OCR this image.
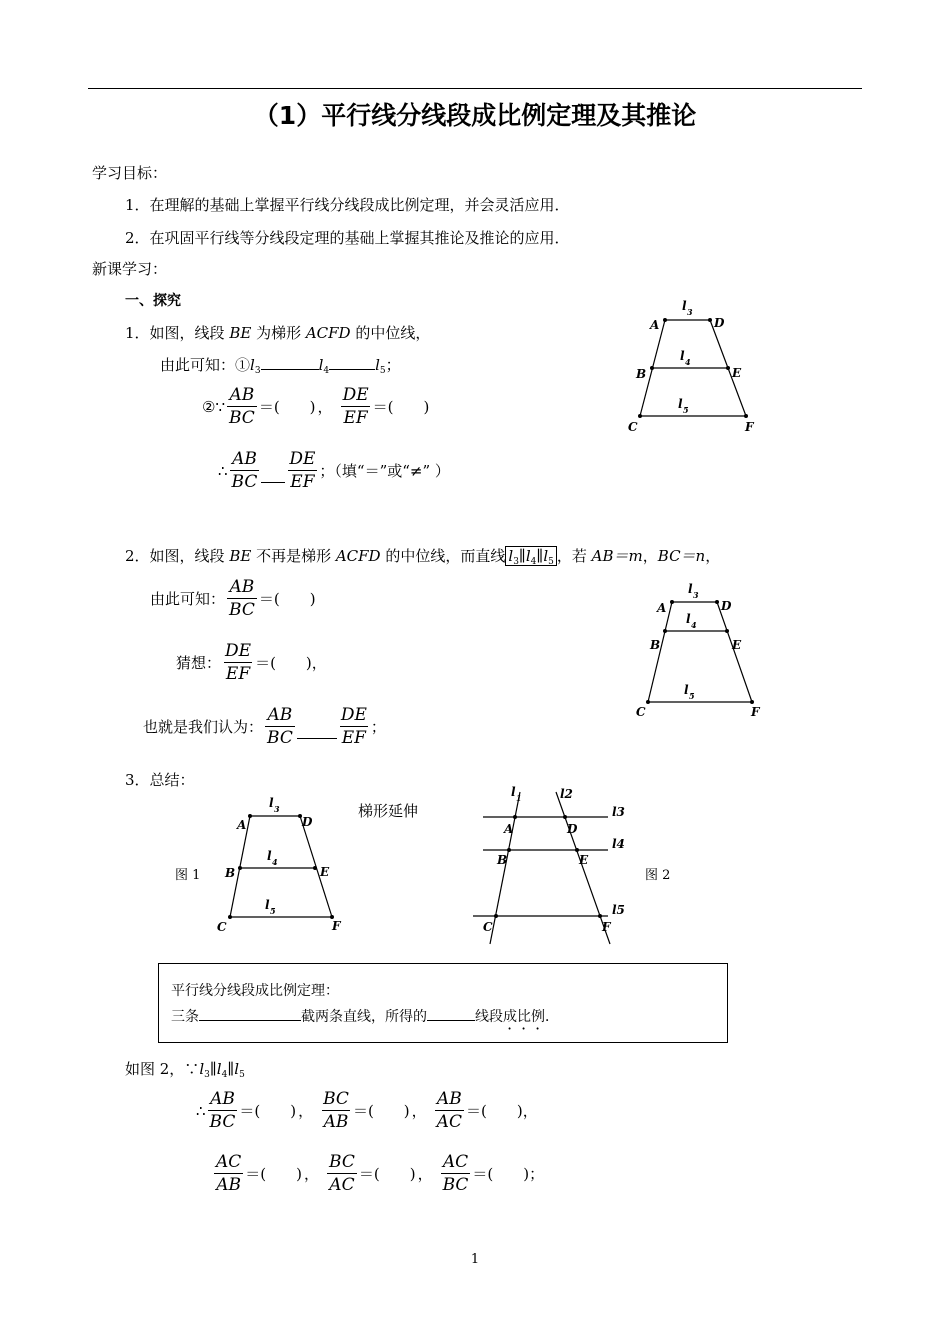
（1）平行线分线段成比例定理及其推论
学习目标：
1．在理解的基础上掌握平行线分线段成比例定理，并会灵活应用．
2．在巩固平行线等分线段定理的基础上掌握其推论及推论的应用．
新课学习：
一、探究
1．如图，线段 BE 为梯形 ACFD 的中位线，
由此可知：$①l_3$	$l_4$	$l_5$；
②∵ $\frac{AB}{BC}$ ＝(　　) ， $\frac{DE}{EF}$ ＝(　　)
∴ $\frac{AB}{BC} \frac{DE}{EF}$ ；（填“＝”或“≠” ）
A	D
B	E
C	F
l 3
l 4
l 5
2．如图，线段 BE 不再是梯形 ACFD 的中位线，而直线 $l_3\parallel l_4\parallel l_5$ ，若 AB＝m，BC＝n，
由此可知： $\frac{AB}{BC}$ ＝(　　)
猜想： $\frac{DE}{EF}$ ＝(　　) ，
也就是我们认为： $\frac{AB}{BC}$	$\frac{DE}{EF}$ ；
A	D
B	E
C	F
l 3
l 4
l 5
3．总结：
梯形延伸
图 1	图 2
A	D
B	E
C	F
l 3
l 4
l 5
A	D
B	E
C	F
l 1	l2
l3
l4
l5
平行线分线段成比例定理：
三条	截两条直线，所得的	线段成比例．
如图 2，$\because l_3\parallel l_4\parallel l_5$
∴ $\frac{AB}{BC}$ ＝(　　) ， $\frac{BC}{AB}$ ＝(　　) ， $\frac{AB}{AC}$ ＝(　　) ，
$\frac{AC}{AB}$ ＝(　　) ， $\frac{BC}{AC}$ ＝(　　) ， $\frac{AC}{BC}$ ＝(　　) ；
1
